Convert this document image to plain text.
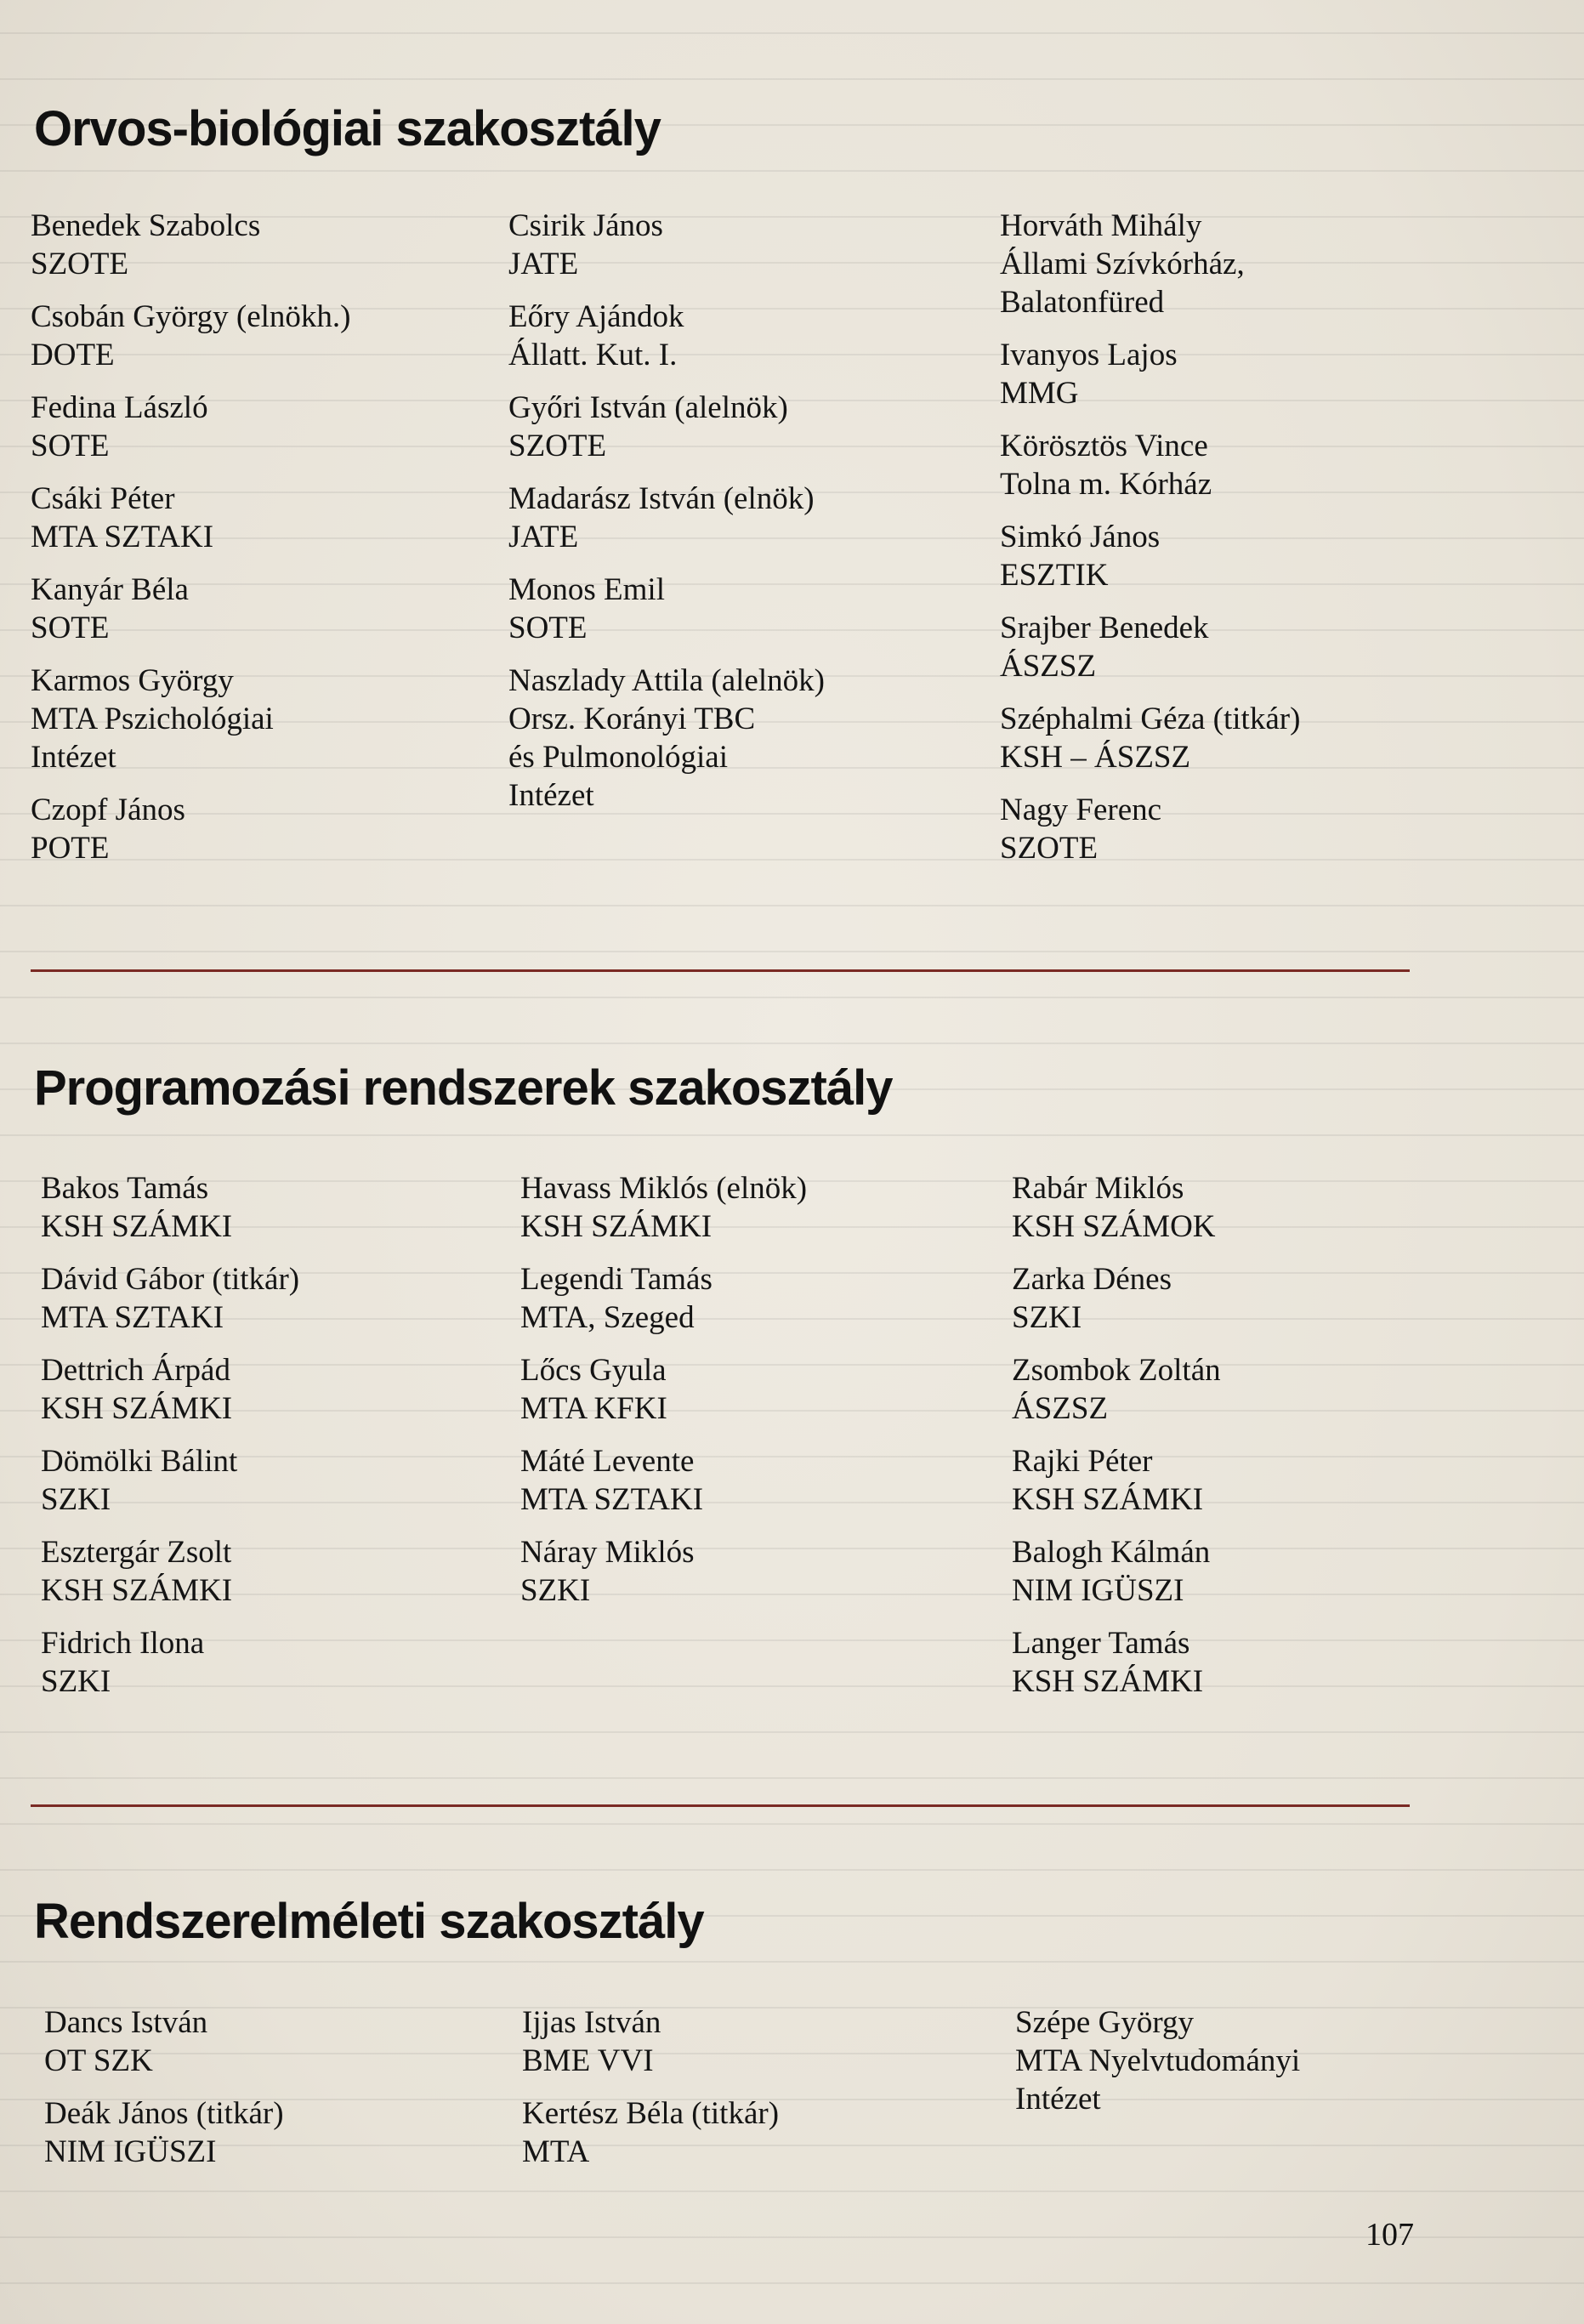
Orvos-biológiai szakosztály
Benedek Szabolcs
SZOTE
Csobán György (elnökh.)
DOTE
Fedina László
SOTE
Csáki Péter
MTA SZTAKI
Kanyár Béla
SOTE
Karmos György
MTA Pszichológiai
Intézet
Czopf János
POTE
Csirik János
JATE
Eőry Ajándok
Állatt. Kut. I.
Győri István (alelnök)
SZOTE
Madarász István (elnök)
JATE
Monos Emil
SOTE
Naszlady Attila (alelnök)
Orsz. Korányi TBC
és Pulmonológiai
Intézet
Horváth Mihály
Állami Szívkórház,
Balatonfüred
Ivanyos Lajos
MMG
Körösztös Vince
Tolna m. Kórház
Simkó János
ESZTIK
Srajber Benedek
ÁSZSZ
Széphalmi Géza (titkár)
KSH – ÁSZSZ
Nagy Ferenc
SZOTE
Programozási rendszerek szakosztály
Bakos Tamás
KSH SZÁMKI
Dávid Gábor (titkár)
MTA SZTAKI
Dettrich Árpád
KSH SZÁMKI
Dömölki Bálint
SZKI
Esztergár Zsolt
KSH SZÁMKI
Fidrich Ilona
SZKI
Havass Miklós (elnök)
KSH SZÁMKI
Legendi Tamás
MTA, Szeged
Lőcs Gyula
MTA KFKI
Máté Levente
MTA SZTAKI
Náray Miklós
SZKI
Rabár Miklós
KSH SZÁMOK
Zarka Dénes
SZKI
Zsombok Zoltán
ÁSZSZ
Rajki Péter
KSH SZÁMKI
Balogh Kálmán
NIM IGÜSZI
Langer Tamás
KSH SZÁMKI
Rendszerelméleti szakosztály
Dancs István
OT SZK
Deák János (titkár)
NIM IGÜSZI
Ijjas István
BME VVI
Kertész Béla (titkár)
MTA
Szépe György
MTA Nyelvtudományi
Intézet
107
